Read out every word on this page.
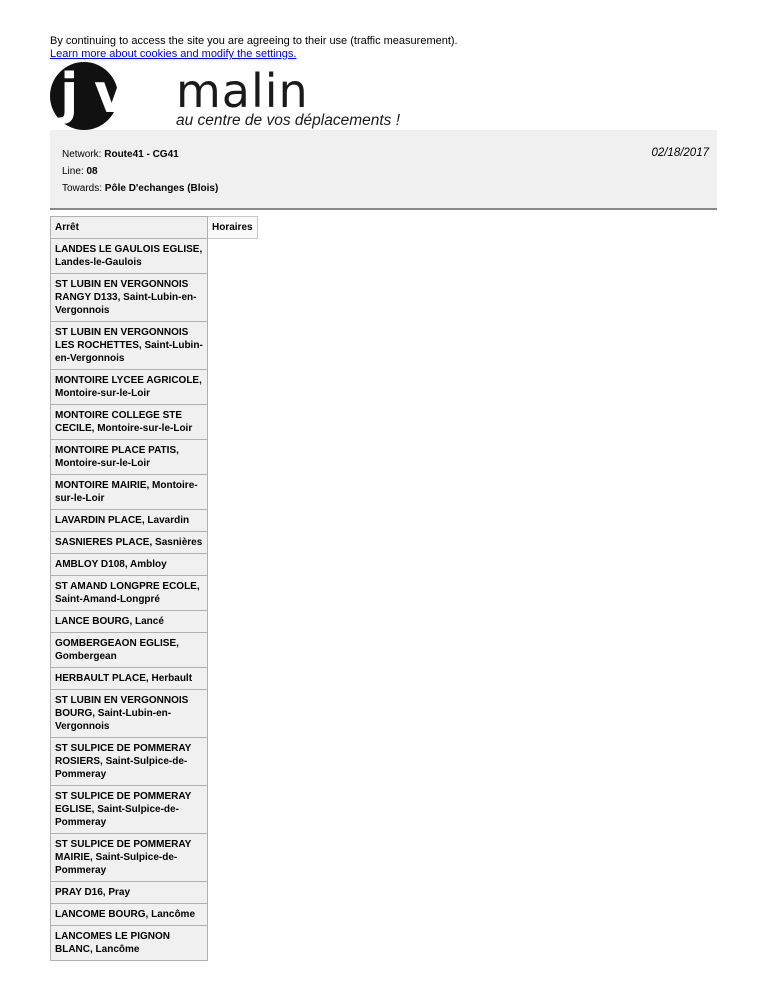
By continuing to access the site you are agreeing to their use (traffic measurement).
Learn more about cookies and modify the settings.
j v malin
au centre de vos déplacements !
Network: Route41 - CG41
Line: 08
Towards: Pôle D'echanges (Blois)
02/18/2017
Arrêt	Horaires
LANDES LE GAULOIS EGLISE, Landes-le-Gaulois	
ST LUBIN EN VERGONNOIS RANGY D133, Saint-Lubin-en-Vergonnois	
ST LUBIN EN VERGONNOIS LES ROCHETTES, Saint-Lubin-en-Vergonnois	
MONTOIRE LYCEE AGRICOLE, Montoire-sur-le-Loir	
MONTOIRE COLLEGE STE CECILE, Montoire-sur-le-Loir	
MONTOIRE PLACE PATIS, Montoire-sur-le-Loir	
MONTOIRE MAIRIE, Montoire-sur-le-Loir	
LAVARDIN PLACE, Lavardin	
SASNIERES PLACE, Sasnières	
AMBLOY D108, Ambloy	
ST AMAND LONGPRE ECOLE, Saint-Amand-Longpré	
LANCE BOURG, Lancé	
GOMBERGEAON EGLISE, Gombergean	
HERBAULT PLACE, Herbault	
ST LUBIN EN VERGONNOIS BOURG, Saint-Lubin-en-Vergonnois	
ST SULPICE DE POMMERAY ROSIERS, Saint-Sulpice-de-Pommeray	
ST SULPICE DE POMMERAY EGLISE, Saint-Sulpice-de-Pommeray	
ST SULPICE DE POMMERAY MAIRIE, Saint-Sulpice-de-Pommeray	
PRAY D16, Pray	
LANCOME BOURG, Lancôme	
LANCOMES LE PIGNON BLANC, Lancôme	
